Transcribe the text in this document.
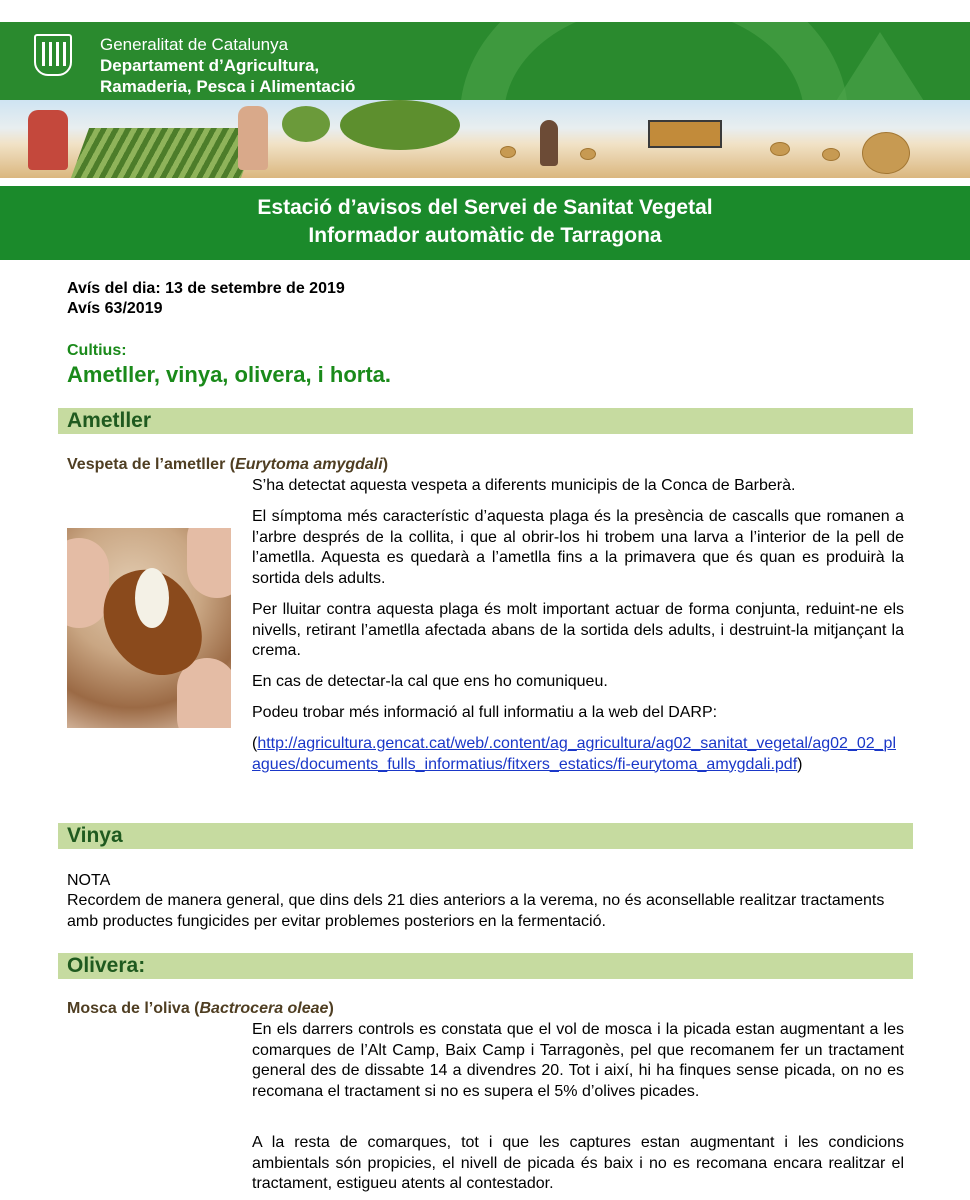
Generalitat de Catalunya
Departament d’Agricultura,
Ramaderia, Pesca i Alimentació
Estació d’avisos del Servei de Sanitat Vegetal
Informador automàtic de Tarragona
Avís del dia: 13 de setembre de 2019
Avís 63/2019
Cultius:
Ametller, vinya, olivera, i horta.
Ametller
Vespeta de l’ametller (Eurytoma amygdali)
S’ha detectat aquesta vespeta a diferents municipis de la Conca de Barberà.
El símptoma més característic d’aquesta plaga és la presència de cascalls que romanen a l’arbre després de la collita, i que al obrir-los hi trobem una larva a l’interior de la pell de l’ametlla. Aquesta es quedarà a l’ametlla fins a la primavera que és quan es produirà la sortida dels adults.
Per lluitar contra aquesta plaga és molt important actuar de forma conjunta, reduint-ne els nivells, retirant l’ametlla afectada abans de la sortida dels adults, i destruint-la mitjançant la crema.
En cas de detectar-la cal que ens ho comuniqueu.
Podeu trobar més informació al full informatiu a la web del DARP:
(http://agricultura.gencat.cat/web/.content/ag_agricultura/ag02_sanitat_vegetal/ag02_02_plagues/documents_fulls_informatius/fitxers_estatics/fi-eurytoma_amygdali.pdf)
Vinya
NOTA
Recordem de manera general, que dins dels 21 dies anteriors a la verema, no és aconsellable realitzar tractaments amb productes fungicides per evitar problemes posteriors en la fermentació.
Olivera:
Mosca de l’oliva (Bactrocera oleae)
En els darrers controls es constata que el vol de mosca i la picada estan augmentant a les comarques de l’Alt Camp, Baix Camp i Tarragonès, pel que recomanem fer un tractament general des de dissabte 14 a divendres 20. Tot i així, hi ha finques sense picada, on no es recomana el tractament si no es supera el 5% d’olives picades.
A la resta de comarques, tot i que les captures estan augmentant i les condicions ambientals són propicies, el nivell de picada és baix i no es recomana encara realitzar el tractament, estigueu atents al contestador.
